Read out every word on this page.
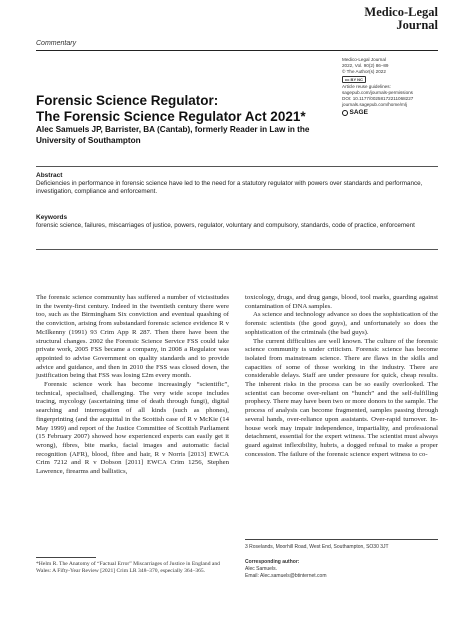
Medico-Legal
Journal
Commentary
Medico-Legal Journal
2022, Vol. 90(2) 86–89
© The Author(s) 2022
cc BY NC
Article reuse guidelines:
sagepub.com/journals-permissions
DOI: 10.1177/00258172211068227
journals.sagepub.com/home/mlj
SAGE
Forensic Science Regulator:
The Forensic Science Regulator Act 2021*
Alec Samuels JP, Barrister, BA (Cantab), formerly Reader in Law in the University of Southampton
Abstract
Deficiencies in performance in forensic science have led to the need for a statutory regulator with powers over standards and performance, investigation, compliance and enforcement.
Keywords
forensic science, failures, miscarriages of justice, powers, regulator, voluntary and compulsory, standards, code of practice, enforcement

The forensic science community has suffered a number of vicissitudes in the twenty-first century. Indeed in the twentieth century there were too, such as the Birmingham Six conviction and eventual quashing of the conviction, arising from substandard forensic science evidence R v McIlkenny (1991) 93 Crim App R 287. Then there have been the structural changes. 2002 the Forensic Science Service FSS could take private work, 2005 FSS became a company, in 2008 a Regulator was appointed to advise Government on quality standards and to provide advice and guidance, and then in 2010 the FSS was closed down, the justification being that FSS was losing £2m every month.

Forensic science work has become increasingly “scientific”, technical, specialised, challenging. The very wide scope includes tracing, mycology (ascertaining time of death through fungi), digital searching and interrogation of all kinds (such as phones), fingerprinting (and the acquittal in the Scottish case of R v McKie (14 May 1999) and report of the Justice Committee of Scottish Parliament (15 February 2007) showed how experienced experts can easily get it wrong), fibres, bite marks, facial images and automatic facial recognition (AFR), blood, fibre and hair, R v Norris [2013] EWCA Crim 7212 and R v Dobson [2011] EWCA Crim 1256, Stephen Lawrence, firearms and ballistics,

toxicology, drugs, and drug gangs, blood, tool marks, guarding against contamination of DNA samples.

As science and technology advance so does the sophistication of the forensic scientists (the good guys), and unfortunately so does the sophistication of the criminals (the bad guys).

The current difficulties are well known. The culture of the forensic science community is under criticism. Forensic science has become isolated from mainstream science. There are flaws in the skills and capacities of some of those working in the industry. There are considerable delays. Staff are under pressure for quick, cheap results. The inherent risks in the process can be so easily overlooked. The scientist can become over-reliant on “hunch” and the self-fulfilling prophecy. There may have been two or more donors to the sample. The process of analysis can become fragmented, samples passing through several hands, over-reliance upon assistants. Over-rapid turnover. In-house work may impair independence, impartiality, and professional detachment, essential for the expert witness. The scientist must always guard against inflexibility, hubris, a dogged refusal to make a proper concession. The failure of the forensic science expert witness to co-

*Helm R. The Anatomy of “Factual Error” Miscarriages of Justice in England and Wales: A Fifty-Year Review [2021] Crim LR 348–370, especially 364–365.
3 Roselands, Moorhill Road, West End, Southampton, SO30 3JT
Corresponding author:
Alec Samuels.
Email: Alec.samuels@btinternet.com
